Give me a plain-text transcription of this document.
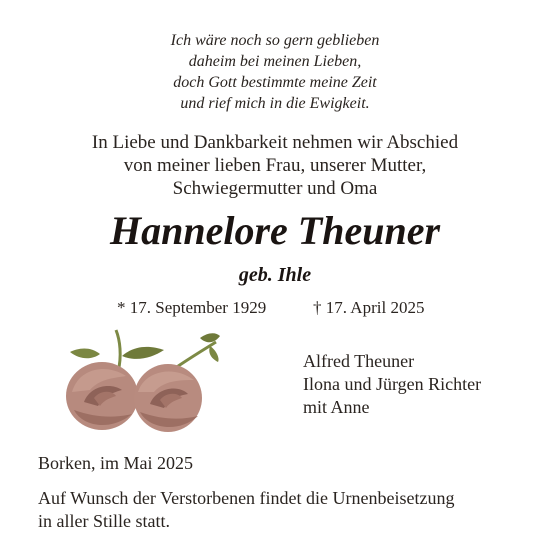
Ich wäre noch so gern geblieben
daheim bei meinen Lieben,
doch Gott bestimmte meine Zeit
und rief mich in die Ewigkeit.
In Liebe und Dankbarkeit nehmen wir Abschied
von meiner lieben Frau, unserer Mutter,
Schwiegermutter und Oma
Hannelore Theuner
geb. Ihle
* 17. September 1929	† 17. April 2025
Alfred Theuner
Ilona und Jürgen Richter
mit Anne
Borken, im Mai 2025
Auf Wunsch der Verstorbenen findet die Urnenbeisetzung
in aller Stille statt.
